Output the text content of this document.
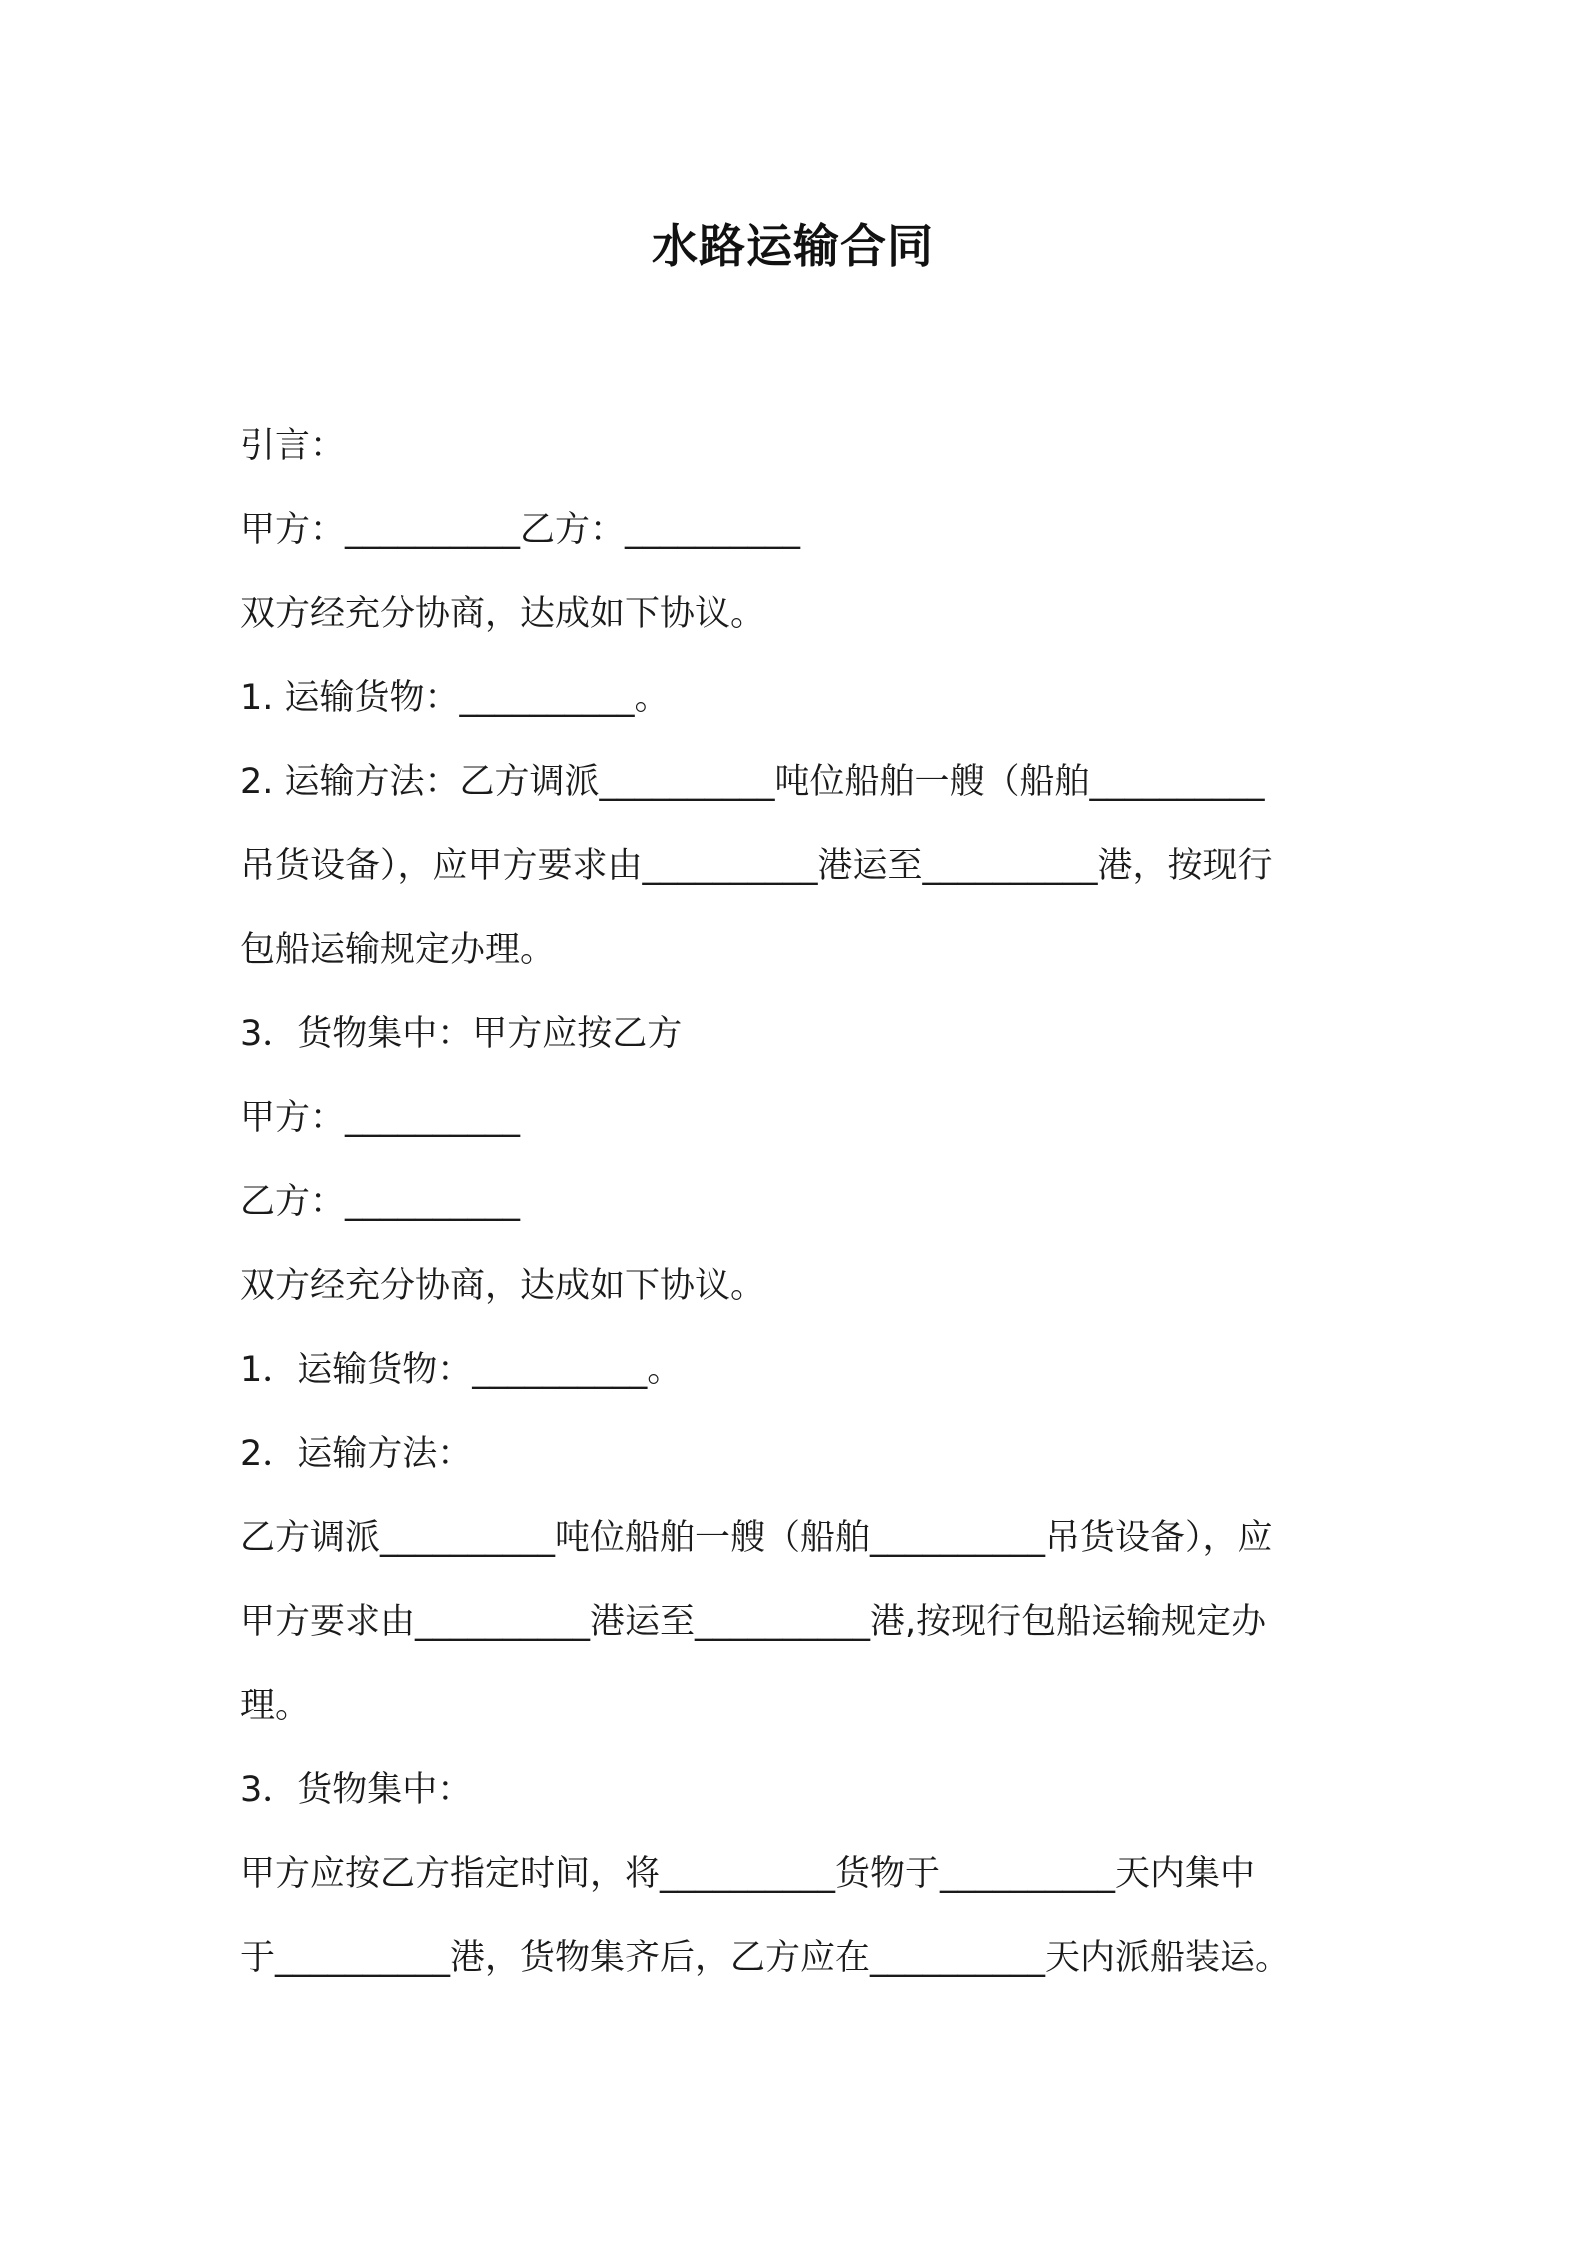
水路运输合同
引言：
甲方：__________乙方：__________
双方经充分协商，达成如下协议。
1. 运输货物：__________。
2. 运输方法：乙方调派__________吨位船舶一艘（船舶__________
吊货设备），应甲方要求由__________港运至__________港，按现行
包船运输规定办理。
3．货物集中：甲方应按乙方
甲方：__________
乙方：__________
双方经充分协商，达成如下协议。
1．运输货物：__________。
2．运输方法：
乙方调派__________吨位船舶一艘（船舶__________吊货设备），应
甲方要求由__________港运至__________港,按现行包船运输规定办
理。
3．货物集中：
甲方应按乙方指定时间，将__________货物于__________天内集中
于__________港，货物集齐后，乙方应在__________天内派船装运。
